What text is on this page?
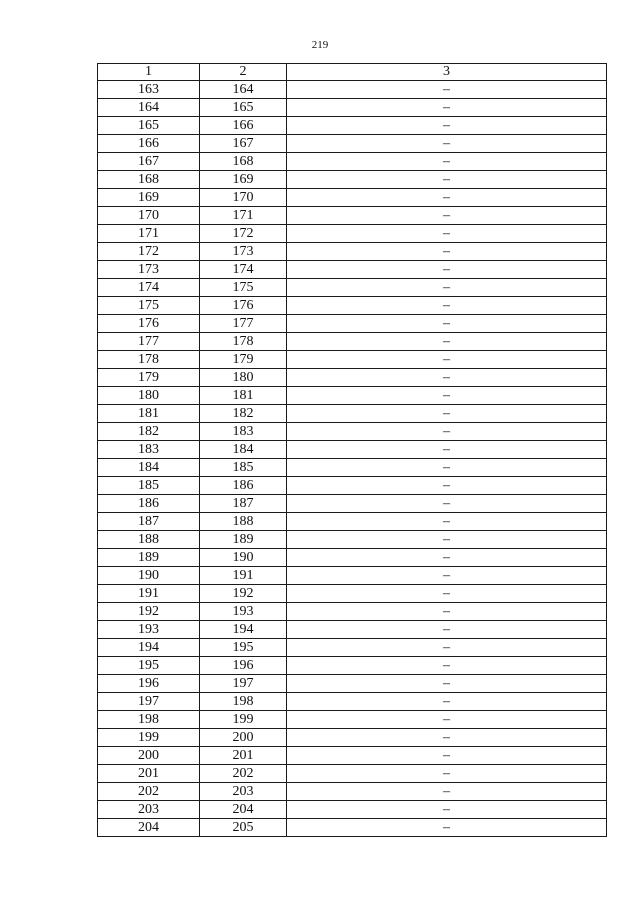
219
1	2	3
163	164	–
164	165	–
165	166	–
166	167	–
167	168	–
168	169	–
169	170	–
170	171	–
171	172	–
172	173	–
173	174	–
174	175	–
175	176	–
176	177	–
177	178	–
178	179	–
179	180	–
180	181	–
181	182	–
182	183	–
183	184	–
184	185	–
185	186	–
186	187	–
187	188	–
188	189	–
189	190	–
190	191	–
191	192	–
192	193	–
193	194	–
194	195	–
195	196	–
196	197	–
197	198	–
198	199	–
199	200	–
200	201	–
201	202	–
202	203	–
203	204	–
204	205	–
